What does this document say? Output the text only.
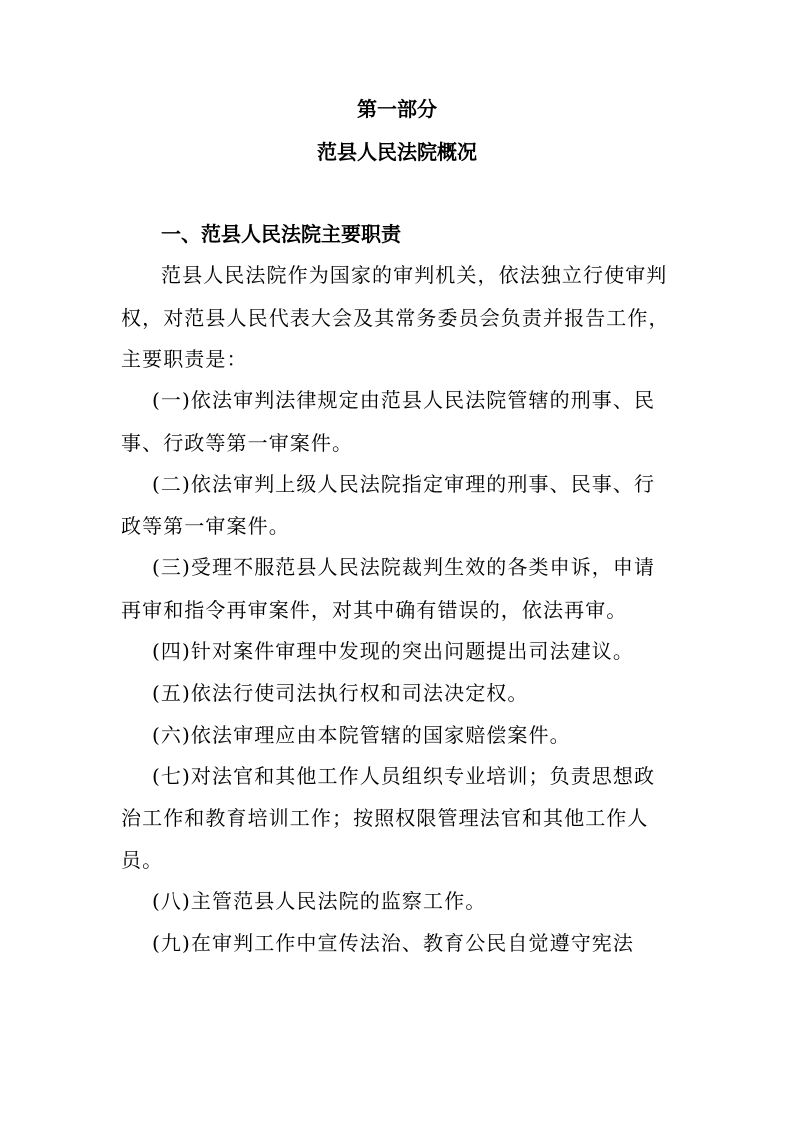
第一部分
范县人民法院概况
一、范县人民法院主要职责
范县人民法院作为国家的审判机关，依法独立行使审判
权，对范县人民代表大会及其常务委员会负责并报告工作，
主要职责是：
(一)依法审判法律规定由范县人民法院管辖的刑事、民
事、行政等第一审案件。
(二)依法审判上级人民法院指定审理的刑事、民事、行
政等第一审案件。
(三)受理不服范县人民法院裁判生效的各类申诉，申请
再审和指令再审案件，对其中确有错误的，依法再审。
(四)针对案件审理中发现的突出问题提出司法建议。
(五)依法行使司法执行权和司法决定权。
(六)依法审理应由本院管辖的国家赔偿案件。
(七)对法官和其他工作人员组织专业培训；负责思想政
治工作和教育培训工作；按照权限管理法官和其他工作人
员。
(八)主管范县人民法院的监察工作。
(九)在审判工作中宣传法治、教育公民自觉遵守宪法
